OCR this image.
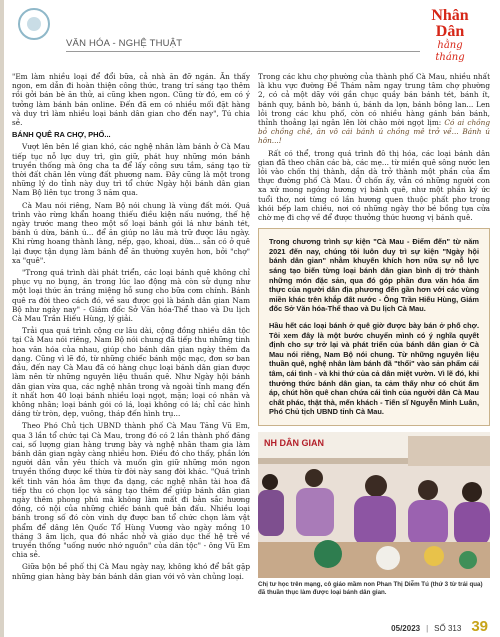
VĂN HÓA - NGHỆ THUẬT
Nhân Dân
hằng tháng

"Em làm nhiều loại để đổi bữa, cả nhà ăn đỡ ngán. Ăn thấy ngon, em dẫn đi hoàn thiện công thức, trang trí sáng tạo thêm rồi gởi bán bè ăn thử, ai cũng khen ngon. Cũng từ đó, em có ý tưởng làm bánh bán online. Đến đã em có nhiều mối đặt hàng và duy trì làm nhiều loại bánh dân gian cho đến nay", Tú chia sẻ.

BÁNH QUÊ RA CHỢ, PHỐ...

Vượt lên bên lề gian khó, các nghệ nhân làm bánh ở Cà Mau tiếp tục nỗ lực duy trì, gìn giữ, phát huy những món bánh truyền thống mà ông cha ta để lấy công sưu tầm, sáng tạo từ thời đất chăn lên vùng đất phương nam. Đây cũng là một trong những lý do tỉnh này duy trì tổ chức Ngày hội bánh dân gian Nam Bộ liên tục trong 3 năm qua.

Cà Mau nói riêng, Nam Bộ nói chung là vùng đất mới. Quá trình vào rừng khẩn hoang thiếu điều kiện nấu nướng, thế hệ ngày trước mang theo một số loại bánh gói lá như bánh tét, bánh ú dừa, bánh ú... để ăn giúp no lâu mà trữ được lâu ngày. Khi rừng hoang thành làng, nếp, gạo, khoai, dừa... sẵn có ở quê lại được tận dụng làm bánh để ăn thường xuyên hơn, bởi "chợ" xa "quê".

"Trong quá trình dài phát triển, các loại bánh quê không chỉ phục vụ no bụng, ăn trong lúc lao động mà còn sử dụng như một loại thức ăn tráng miệng hỗ sung cho bữa cơm chính. Bánh quê ra đời theo cách đó, về sau được gọi là bánh dân gian Nam Bộ như ngày nay" - Giám đốc Sở Văn hóa-Thể thao và Du lịch Cà Mau Trần Hiếu Hùng, lý giải.

Trải qua quá trình cộng cư lâu dài, cộng đồng nhiều dân tộc tại Cà Mau nói riêng, Nam Bộ nói chung đã tiếp thu những tinh hoa văn hóa của nhau, giúp cho bánh dân gian ngày thêm đa dạng. Cũng vì lẽ đó, từ những chiếc bánh mộc mạc, đơn sơ ban đầu, đến nay Cà Mau đã có hàng chục loại bánh dân gian được làm nên từ những nguyên liệu thuần quê. Như Ngày hội bánh dân gian vừa qua, các nghệ nhân trong và ngoài tỉnh mang đến ít nhất hơn 40 loại bánh nhiều loại ngọt, mặn; loại có nhân và không nhân; loại bánh gói có lá, loại không có lá; chỉ các hình dáng từ tròn, dẹp, vuông, tháp đến hình trụ...

Theo Phó Chủ tịch UBND thành phố Cà Mau Tăng Vũ Em, qua 3 lần tổ chức tại Cà Mau, trong đó có 2 lần thành phố đăng cai, số lượng gian hàng trưng bày và nghệ nhân tham gia làm bánh dân gian ngày càng nhiều hơn. Điều đó cho thấy, phần lớn người dân vẫn yêu thích và muốn gìn giữ những món ngon truyền thống được kế thừa từ đời này sang đời khác. "Quá trình kết tinh văn hóa âm thực đa dạng, các nghệ nhân tài hoa đã tiếp thu có chọn lọc và sáng tạo thêm để giúp bánh dân gian ngày thêm phong phú mà không làm mất đi bản sắc hương đồng, có nội của những chiếc bánh quê bản đấu. Nhiều loại bánh trong số đó còn vinh dự được ban tổ chức chọn làm vật phẩm để dâng lên Quốc Tổ Hùng Vương vào ngày mồng 10 tháng 3 âm lịch, qua đó nhắc nhở và giáo dục thế hệ trẻ về truyền thống "uống nước nhớ nguồn" của dân tộc" - ông Vũ Em chia sẻ.

Giữa bộn bề phố thị Cà Mau ngày nay, không khó để bắt gặp những gian hàng bày bán bánh dân gian với vô vàn chủng loại.

Trong các khu chợ phường của thành phố Cà Mau, nhiều nhất là khu vực đường Đề Thám nằm ngay trung tâm chợ phường 2, có cả một dãy với gần chục quầy bán bánh tét, bánh ít, bánh quy, bánh bò, bánh ú, bánh da lợn, bánh bông lan... Len lỏi trong các khu phố, còn có nhiều hàng gánh bán bánh, thỉnh thoảng lại ngân lên lời chào mời ngọt lịm: Có ai chồng bỏ chồng chê, ăn vô cái bánh ú chồng mê trở về... Bánh ú hôn...!

Rất có thể, trong quá trình đô thị hóa, các loại bánh dân gian đã theo chân các bà, các mẹ... từ miền quê sông nước len lỏi vào chốn thị thành, dần dà trở thành một phần của ẩm thực đường phố Cà Mau. Ở chốn ấy, vẫn có những người con xa xứ mong ngóng hương vị bánh quê, như một phần ký ức tuổi thơ, nơi từng có lần hương quen thuộc phất phơ trong khói bếp lam chiều, nơi có những ngày thơ bé bồng tựa cửa chờ mẹ đi chợ về để được thưởng thức hương vị bánh quê.

Trong chương trình sự kiện "Cà Mau - Điểm đến" từ năm 2021 đến nay, chúng tôi luôn duy trì sự kiện "Ngày hội bánh dân gian" nhằm khuyến khích hơn nữa sự nỗ lực sáng tạo biến từng loại bánh dân gian bình dị trở thành những món đặc sản, qua đó góp phần đưa văn hóa ẩm thực của người dân địa phương đến gần hơn với các vùng miền khác trên khắp đất nước - Ông Trần Hiếu Hùng, Giám đốc Sở Văn hóa-Thể thao và Du lịch Cà Mau.

Hầu hết các loại bánh ở quê giờ được bày bán ở phố chợ. Tôi xem đây là một bước chuyển mình có ý nghĩa quyết định cho sự trở lại và phát triển của bánh dân gian ở Cà Mau nói riêng, Nam Bộ nói chung. Từ những nguyên liệu thuần quê, nghệ nhân làm bánh đã "thổi" vào sản phẩm cái tâm, cái tình - và khi thứ của cả dân miệt vườn. Vì lẽ đó, khi thưởng thức bánh dân gian, ta cảm thấy như có chút ấm áp, chút hồn quê chan chứa cái tình của người dân Cà Mau chất phác, thật thà, mến khách - Tiến sĩ Nguyễn Minh Luân, Phó Chủ tịch UBND tỉnh Cà Mau.

NH DÂN GIAN
Chị tư học trên mạng, cô giáo mầm non Phan Thị Diễm Tú (thứ 3 từ trái qua) đã thuần thục làm được loại bánh dân gian.
05/2023 | SỐ 313 39
